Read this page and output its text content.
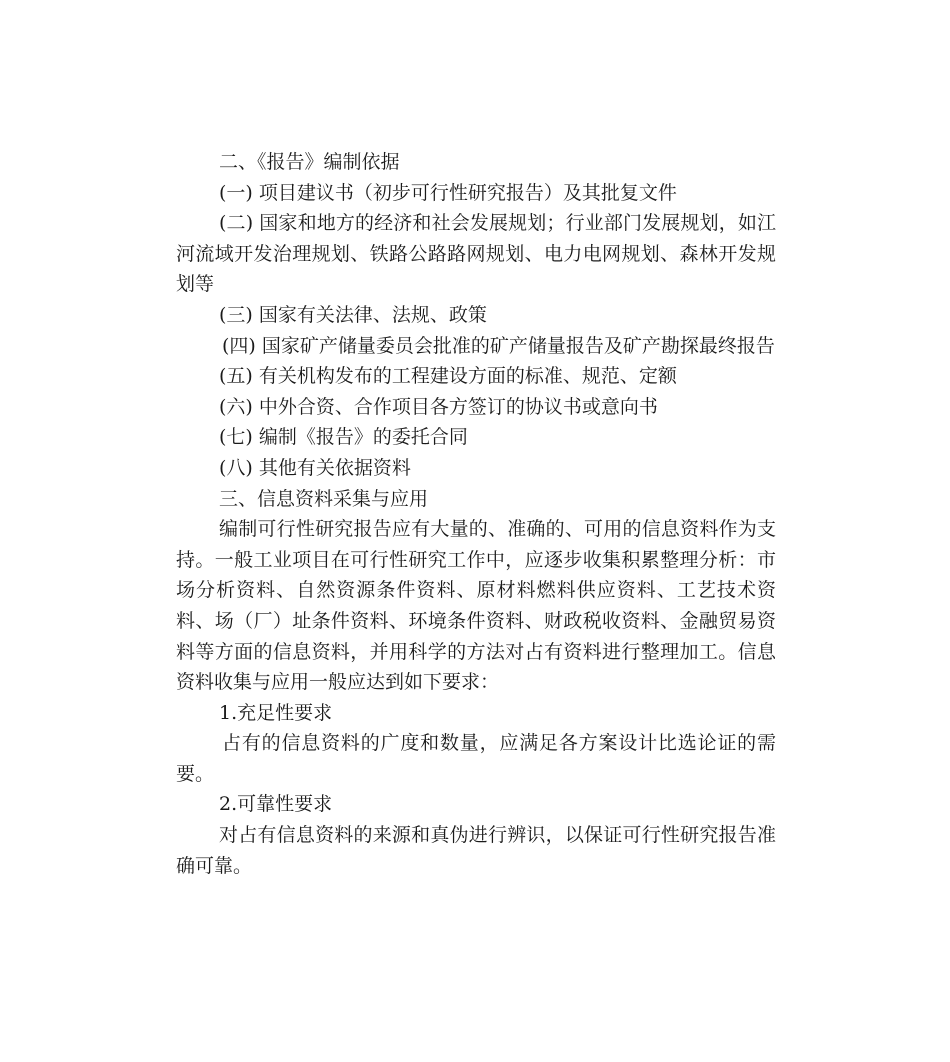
二、《报告》编制依据

(一) 项目建议书（初步可行性研究报告）及其批复文件

(二) 国家和地方的经济和社会发展规划；行业部门发展规划，如江河流域开发治理规划、铁路公路路网规划、电力电网规划、森林开发规划等

(三) 国家有关法律、法规、政策

(四) 国家矿产储量委员会批准的矿产储量报告及矿产勘探最终报告

(五) 有关机构发布的工程建设方面的标准、规范、定额

(六) 中外合资、合作项目各方签订的协议书或意向书

(七) 编制《报告》的委托合同

(八) 其他有关依据资料

三、信息资料采集与应用

编制可行性研究报告应有大量的、准确的、可用的信息资料作为支持。一般工业项目在可行性研究工作中，应逐步收集积累整理分析：市场分析资料、自然资源条件资料、原材料燃料供应资料、工艺技术资料、场（厂）址条件资料、环境条件资料、财政税收资料、金融贸易资料等方面的信息资料，并用科学的方法对占有资料进行整理加工。信息资料收集与应用一般应达到如下要求：

1.充足性要求

占有的信息资料的广度和数量，应满足各方案设计比选论证的需要。

2.可靠性要求

对占有信息资料的来源和真伪进行辨识，以保证可行性研究报告准确可靠。
